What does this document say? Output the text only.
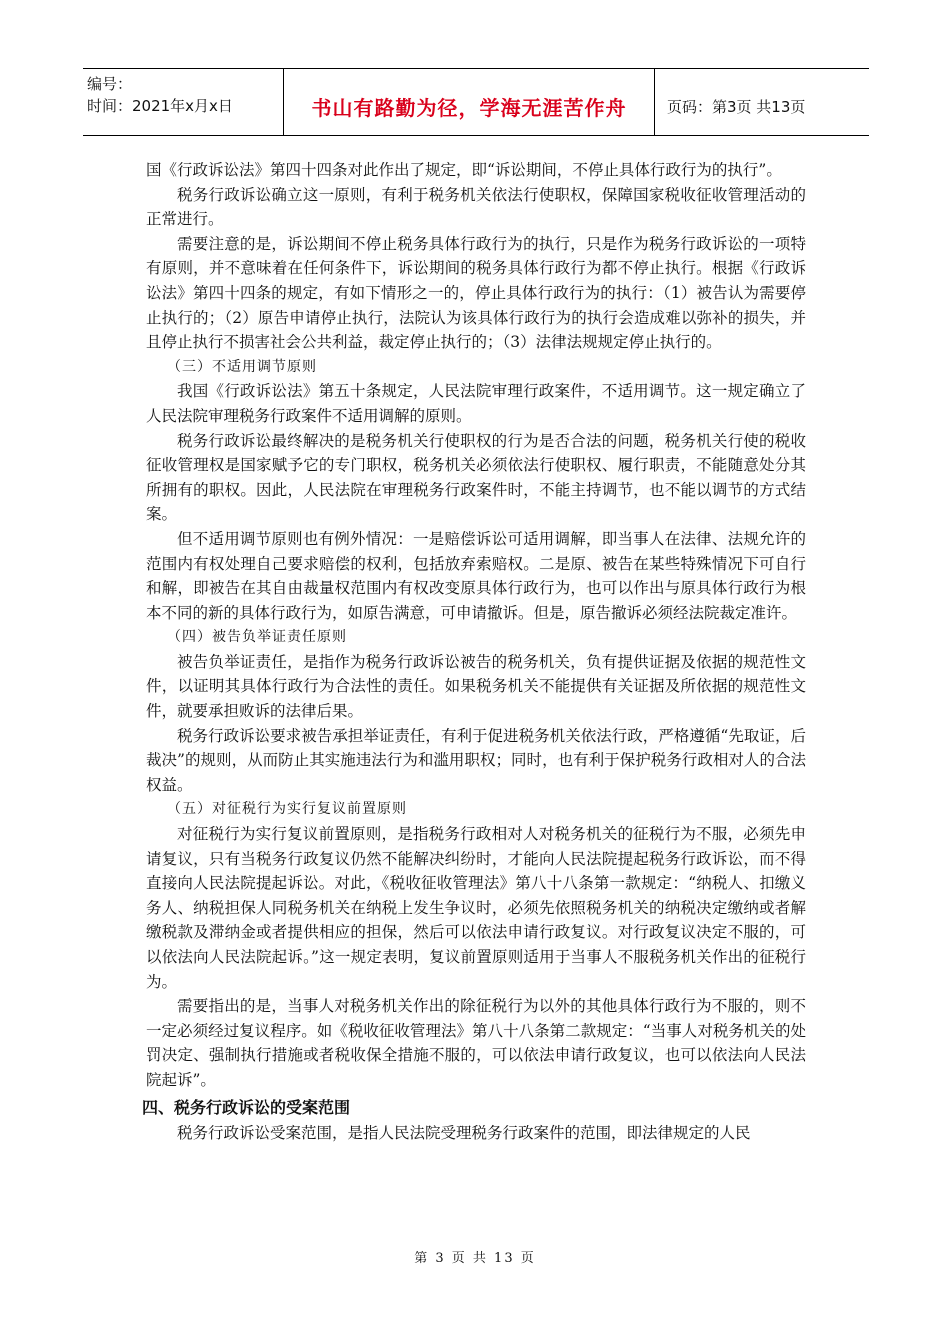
编号：
时间：2021年x月x日	书山有路勤为径，学海无涯苦作舟	页码：第3页 共13页

国《行政诉讼法》第四十四条对此作出了规定，即“诉讼期间，不停止具体行政行为的执行”。

税务行政诉讼确立这一原则，有利于税务机关依法行使职权，保障国家税收征收管理活动的正常进行。

需要注意的是，诉讼期间不停止税务具体行政行为的执行，只是作为税务行政诉讼的一项特有原则，并不意味着在任何条件下，诉讼期间的税务具体行政行为都不停止执行。根据《行政诉讼法》第四十四条的规定，有如下情形之一的，停止具体行政行为的执行：（1）被告认为需要停止执行的；（2）原告申请停止执行，法院认为该具体行政行为的执行会造成难以弥补的损失，并且停止执行不损害社会公共利益，裁定停止执行的；（3）法律法规规定停止执行的。

（三）不适用调节原则

我国《行政诉讼法》第五十条规定，人民法院审理行政案件，不适用调节。这一规定确立了人民法院审理税务行政案件不适用调解的原则。

税务行政诉讼最终解决的是税务机关行使职权的行为是否合法的问题，税务机关行使的税收征收管理权是国家赋予它的专门职权，税务机关必须依法行使职权、履行职责，不能随意处分其所拥有的职权。因此，人民法院在审理税务行政案件时，不能主持调节，也不能以调节的方式结案。

但不适用调节原则也有例外情况：一是赔偿诉讼可适用调解，即当事人在法律、法规允许的范围内有权处理自己要求赔偿的权利，包括放弃索赔权。二是原、被告在某些特殊情况下可自行和解，即被告在其自由裁量权范围内有权改变原具体行政行为，也可以作出与原具体行政行为根本不同的新的具体行政行为，如原告满意，可申请撤诉。但是，原告撤诉必须经法院裁定准许。

（四）被告负举证责任原则

被告负举证责任，是指作为税务行政诉讼被告的税务机关，负有提供证据及依据的规范性文件，以证明其具体行政行为合法性的责任。如果税务机关不能提供有关证据及所依据的规范性文件，就要承担败诉的法律后果。

税务行政诉讼要求被告承担举证责任，有利于促进税务机关依法行政，严格遵循“先取证，后裁决”的规则，从而防止其实施违法行为和滥用职权；同时，也有利于保护税务行政相对人的合法权益。

（五）对征税行为实行复议前置原则

对征税行为实行复议前置原则，是指税务行政相对人对税务机关的征税行为不服，必须先申请复议，只有当税务行政复议仍然不能解决纠纷时，才能向人民法院提起税务行政诉讼，而不得直接向人民法院提起诉讼。对此，《税收征收管理法》第八十八条第一款规定：“纳税人、扣缴义务人、纳税担保人同税务机关在纳税上发生争议时，必须先依照税务机关的纳税决定缴纳或者解缴税款及滞纳金或者提供相应的担保，然后可以依法申请行政复议。对行政复议决定不服的，可以依法向人民法院起诉。”这一规定表明，复议前置原则适用于当事人不服税务机关作出的征税行为。

需要指出的是，当事人对税务机关作出的除征税行为以外的其他具体行政行为不服的，则不一定必须经过复议程序。如《税收征收管理法》第八十八条第二款规定：“当事人对税务机关的处罚决定、强制执行措施或者税收保全措施不服的，可以依法申请行政复议，也可以依法向人民法院起诉”。

四、税务行政诉讼的受案范围

税务行政诉讼受案范围，是指人民法院受理税务行政案件的范围，即法律规定的人民

第 3 页 共 13 页
